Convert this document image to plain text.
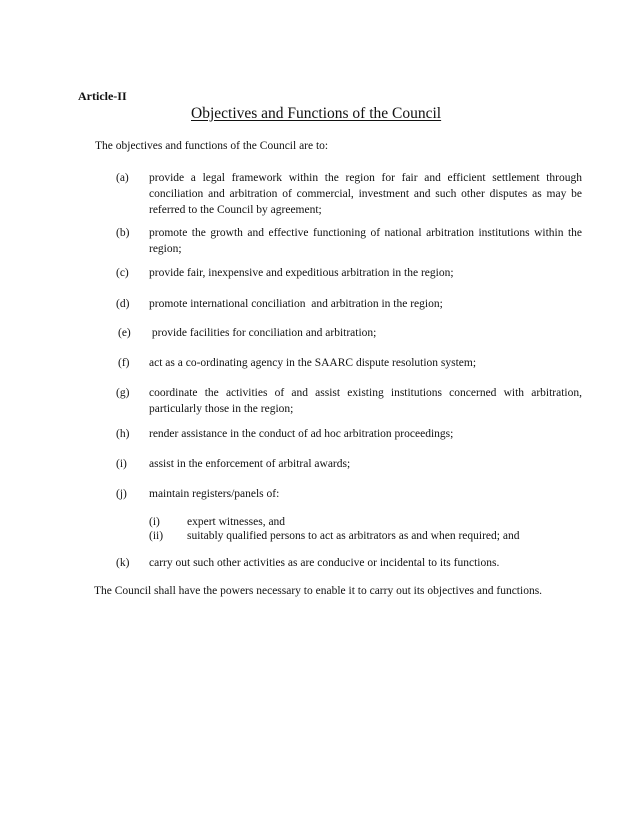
Article-II
Objectives and Functions of the Council
The objectives and functions of the Council are to:
(a) provide a legal framework within the region for fair and efficient settlement through conciliation and arbitration of commercial, investment and such other disputes as may be referred to the Council by agreement;
(b) promote the growth and effective functioning of national arbitration institutions within the region;
(c) provide fair, inexpensive and expeditious arbitration in the region;
(d) promote international conciliation  and arbitration in the region;
(e) provide facilities for conciliation and arbitration;
(f) act as a co-ordinating agency in the SAARC dispute resolution system;
(g) coordinate the activities of and assist existing institutions concerned with arbitration, particularly those in the region;
(h) render assistance in the conduct of ad hoc arbitration proceedings;
(i) assist in the enforcement of arbitral awards;
(j) maintain registers/panels of:
(i) expert witnesses, and
(ii) suitably qualified persons to act as arbitrators as and when required; and
(k) carry out such other activities as are conducive or incidental to its functions.
The Council shall have the powers necessary to enable it to carry out its objectives and functions.
